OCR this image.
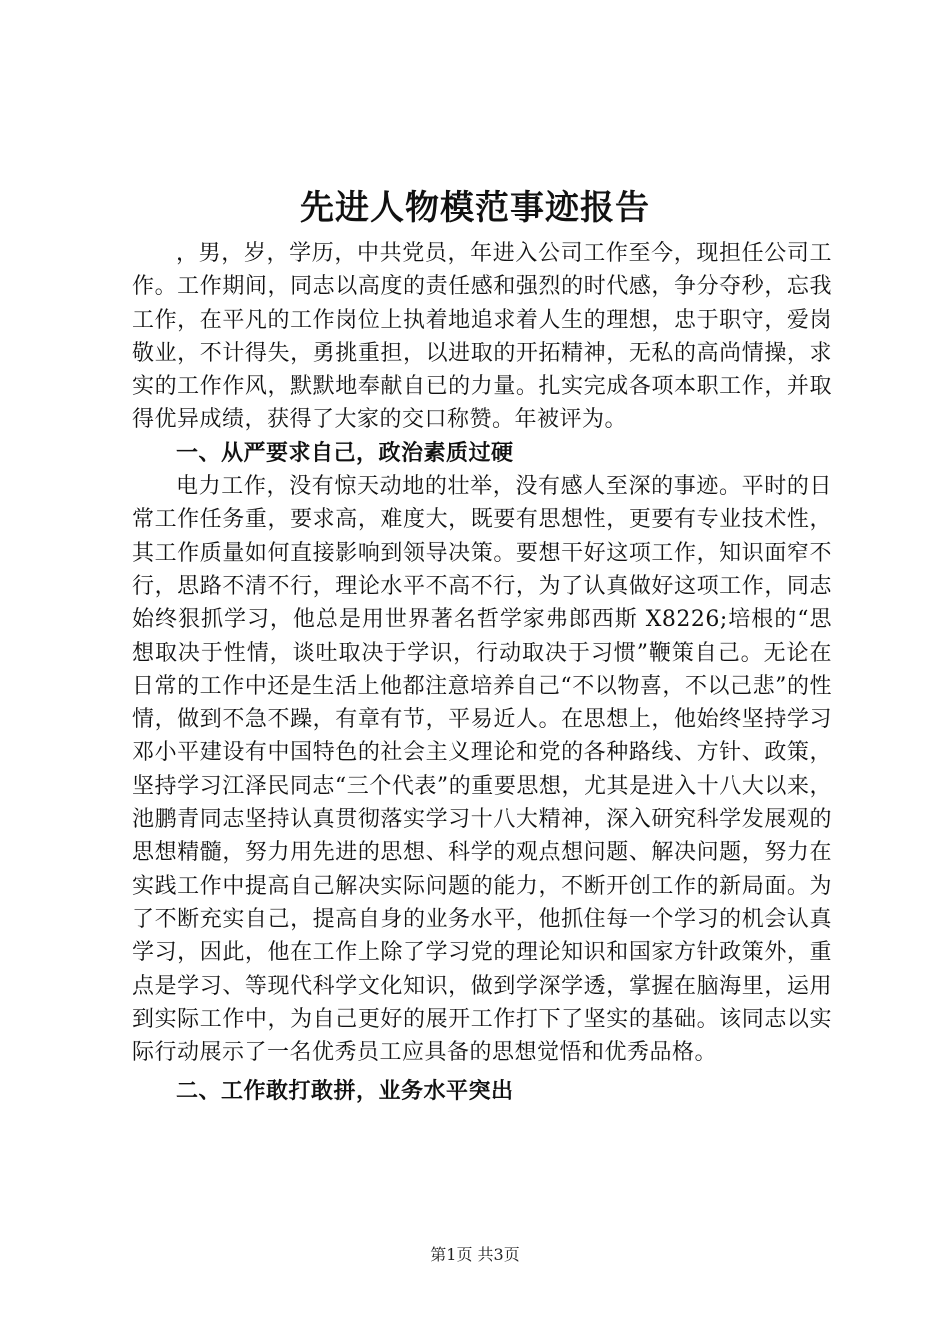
先进人物模范事迹报告

，男，岁，学历，中共党员，年进入公司工作至今，现担任公司工作。工作期间，同志以高度的责任感和强烈的时代感，争分夺秒，忘我工作，在平凡的工作岗位上执着地追求着人生的理想，忠于职守，爱岗敬业，不计得失，勇挑重担，以进取的开拓精神，无私的高尚情操，求实的工作作风，默默地奉献自已的力量。扎实完成各项本职工作，并取得优异成绩，获得了大家的交口称赞。年被评为。

一、从严要求自己，政治素质过硬

电力工作，没有惊天动地的壮举，没有感人至深的事迹。平时的日常工作任务重，要求高，难度大，既要有思想性，更要有专业技术性，其工作质量如何直接影响到领导决策。要想干好这项工作，知识面窄不行，思路不清不行，理论水平不高不行，为了认真做好这项工作，同志始终狠抓学习，他总是用世界著名哲学家弗郎西斯 X8226;培根的“思想取决于性情，谈吐取决于学识，行动取决于习惯”鞭策自己。无论在日常的工作中还是生活上他都注意培养自己“不以物喜，不以己悲”的性情，做到不急不躁，有章有节，平易近人。在思想上，他始终坚持学习邓小平建设有中国特色的社会主义理论和党的各种路线、方针、政策，坚持学习江泽民同志“三个代表”的重要思想，尤其是进入十八大以来，池鹏青同志坚持认真贯彻落实学习十八大精神，深入研究科学发展观的思想精髓，努力用先进的思想、科学的观点想问题、解决问题，努力在实践工作中提高自己解决实际问题的能力，不断开创工作的新局面。为了不断充实自己，提高自身的业务水平，他抓住每一个学习的机会认真学习，因此，他在工作上除了学习党的理论知识和国家方针政策外，重点是学习、等现代科学文化知识，做到学深学透，掌握在脑海里，运用到实际工作中，为自己更好的展开工作打下了坚实的基础。该同志以实际行动展示了一名优秀员工应具备的思想觉悟和优秀品格。

二、工作敢打敢拼，业务水平突出

第1页 共3页
